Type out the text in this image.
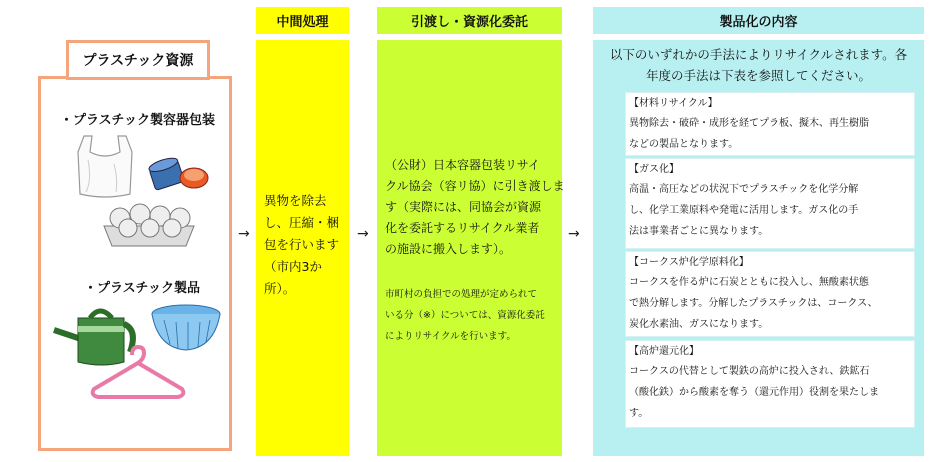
プラスチック資源
・プラスチック製容器包装
・プラスチック製品
→	→	→
中間処理
異物を除去
し、圧縮・梱
包を行います
（市内3か
所）。
引渡し・資源化委託
（公財）日本容器包装リサイ
クル協会（容リ協）に引き渡しま
す（実際には、同協会が資源
化を委託するリサイクル業者
の施設に搬入します）。
市町村の負担での処理が定められて
いる分（※）については、資源化委託
によりリサイクルを行います。
製品化の内容
以下のいずれかの手法によりリサイクルされます。各
年度の手法は下表を参照してください。
【材料リサイクル】
異物除去・破砕・成形を経てプラ板、擬木、再生樹脂
などの製品となります。
【ガス化】
高温・高圧などの状況下でプラスチックを化学分解
し、化学工業原料や発電に活用します。ガス化の手
法は事業者ごとに異なります。
【コークス炉化学原料化】
コークスを作る炉に石炭とともに投入し、無酸素状態
で熱分解します。分解したプラスチックは、コークス、
炭化水素油、ガスになります。
【高炉還元化】
コークスの代替として製鉄の高炉に投入され、鉄鉱石
（酸化鉄）から酸素を奪う（還元作用）役割を果たしま
す。
